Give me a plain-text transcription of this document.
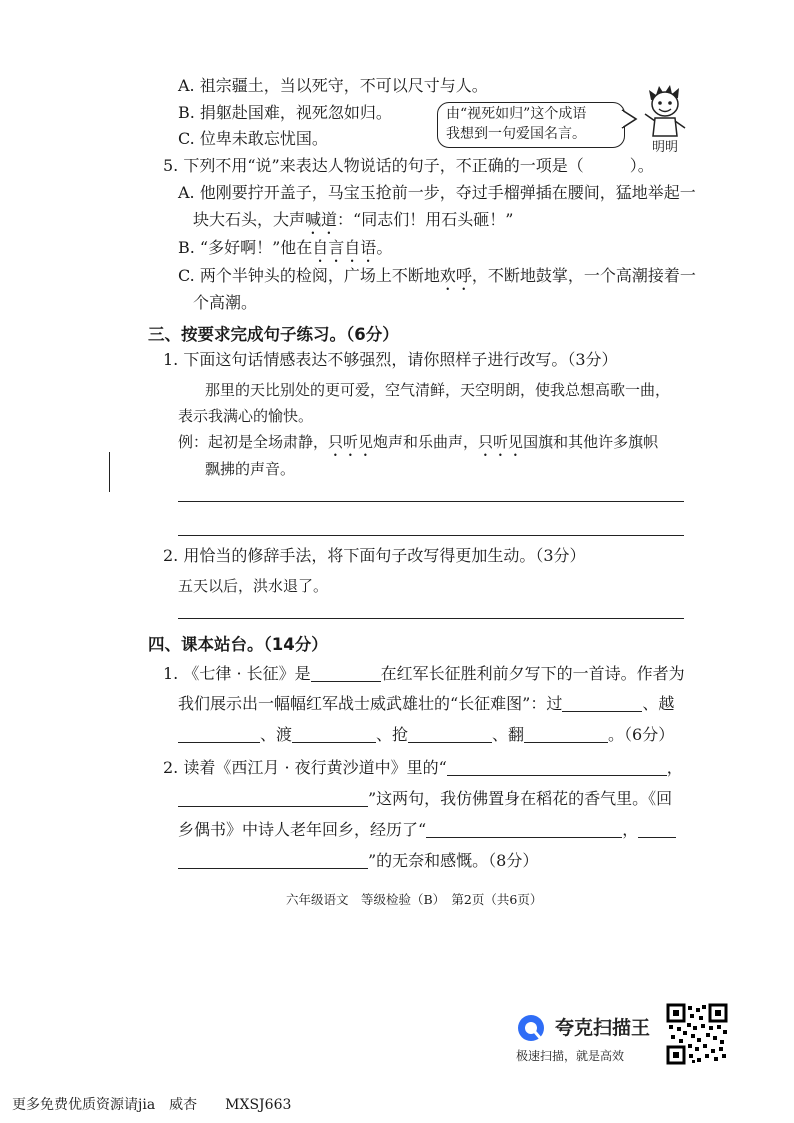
A. 祖宗疆土，当以死守，不可以尺寸与人。
B. 捐躯赴国难，视死忽如归。
C. 位卑未敢忘忧国。
由“视死如归”这个成语
我想到一句爱国名言。
明明
5. 下列不用“说”来表达人物说话的句子，不正确的一项是（	）。
A. 他刚要拧开盖子，马宝玉抢前一步，夺过手榴弹插在腰间，猛地举起一
块大石头，大声喊道：“同志们！用石头砸！”
B. “多好啊！”他在自言自语。
C. 两个半钟头的检阅，广场上不断地欢呼，不断地鼓掌，一个高潮接着一
个高潮。
三、按要求完成句子练习。（6分）
1. 下面这句话情感表达不够强烈，请你照样子进行改写。（3分）
那里的天比别处的更可爱，空气清鲜，天空明朗，使我总想高歌一曲，
表示我满心的愉快。
例：起初是全场肃静，只听见炮声和乐曲声，只听见国旗和其他许多旗帜
飘拂的声音。
2. 用恰当的修辞手法，将下面句子改写得更加生动。（3分）
五天以后，洪水退了。
四、课本站台。（14分）
1. 《七律 · 长征》是	在红军长征胜利前夕写下的一首诗。作者为
我们展示出一幅幅红军战士威武雄壮的“长征难图”：过	、越
、渡	、抢	、翻	。（6分）
2. 读着《西江月 · 夜行黄沙道中》里的“	，
”这两句，我仿佛置身在稻花的香气里。《回
乡偶书》中诗人老年回乡，经历了“	，
”的无奈和感慨。（8分）
六年级语文　等级检验（B）　第2页（共6页）
夸克扫描王
极速扫描，就是高效
更多免费优质资源请jia　威杏　　MXSJ663
